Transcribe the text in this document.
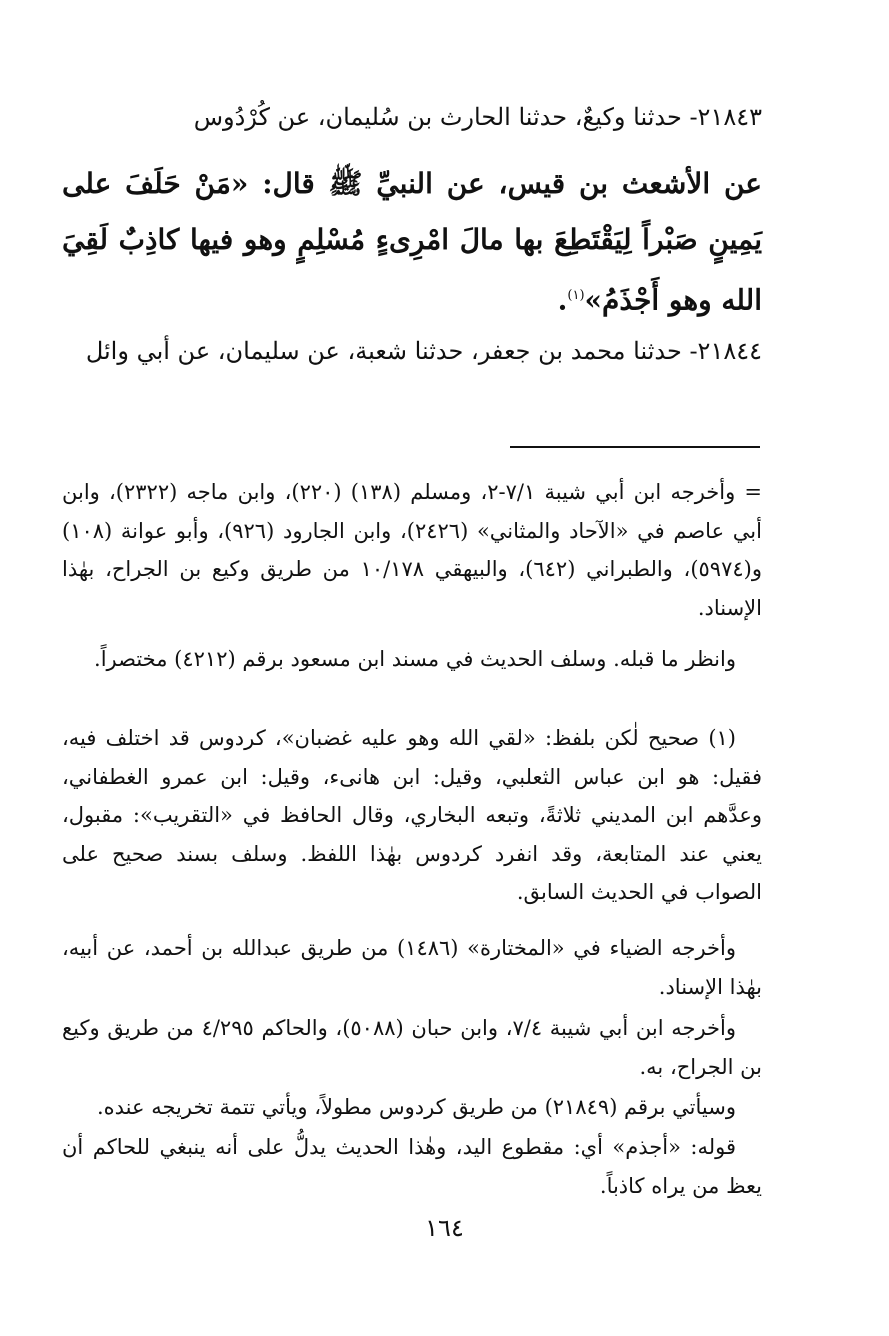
٢١٨٤٣- حدثنا وكيعٌ، حدثنا الحارث بن سُليمان، عن كُرْدُوس

عن الأشعث بن قيس، عن النبيِّ ﷺ قال: «مَنْ حَلَفَ على يَمِينٍ صَبْراً لِيَقْتَطِعَ بها مالَ امْرِىءٍ مُسْلِمٍ وهو فيها كاذِبٌ لَقِيَ الله وهو أَجْذَمُ»$^{(١)}$.

٢١٨٤٤- حدثنا محمد بن جعفر، حدثنا شعبة، عن سليمان، عن أبي وائل

= وأخرجه ابن أبي شيبة ٧/١-٢، ومسلم (١٣٨) (٢٢٠)، وابن ماجه (٢٣٢٢)، وابن أبي عاصم في «الآحاد والمثاني» (٢٤٢٦)، وابن الجارود (٩٢٦)، وأبو عوانة (١٠٨) و(٥٩٧٤)، والطبراني (٦٤٢)، والبيهقي ١٠/١٧٨ من طريق وكيع بن الجراح، بهٰذا الإسناد.

وانظر ما قبله. وسلف الحديث في مسند ابن مسعود برقم (٤٢١٢) مختصراً.

(١) صحيح لٰكن بلفظ: «لقي الله وهو عليه غضبان»، كردوس قد اختلف فيه، فقيل: هو ابن عباس الثعلبي، وقيل: ابن هانىء، وقيل: ابن عمرو الغطفاني، وعدَّهم ابن المديني ثلاثةً، وتبعه البخاري، وقال الحافظ في «التقريب»: مقبول، يعني عند المتابعة، وقد انفرد كردوس بهٰذا اللفظ. وسلف بسند صحيح على الصواب في الحديث السابق.

وأخرجه الضياء في «المختارة» (١٤٨٦) من طريق عبدالله بن أحمد، عن أبيه، بهٰذا الإسناد.

وأخرجه ابن أبي شيبة ٧/٤، وابن حبان (٥٠٨٨)، والحاكم ٤/٢٩٥ من طريق وكيع بن الجراح، به.

وسيأتي برقم (٢١٨٤٩) من طريق كردوس مطولاً، ويأتي تتمة تخريجه عنده.

قوله: «أجذم» أي: مقطوع اليد، وهٰذا الحديث يدلُّ على أنه ينبغي للحاكم أن يعظ من يراه كاذباً.

١٦٤
